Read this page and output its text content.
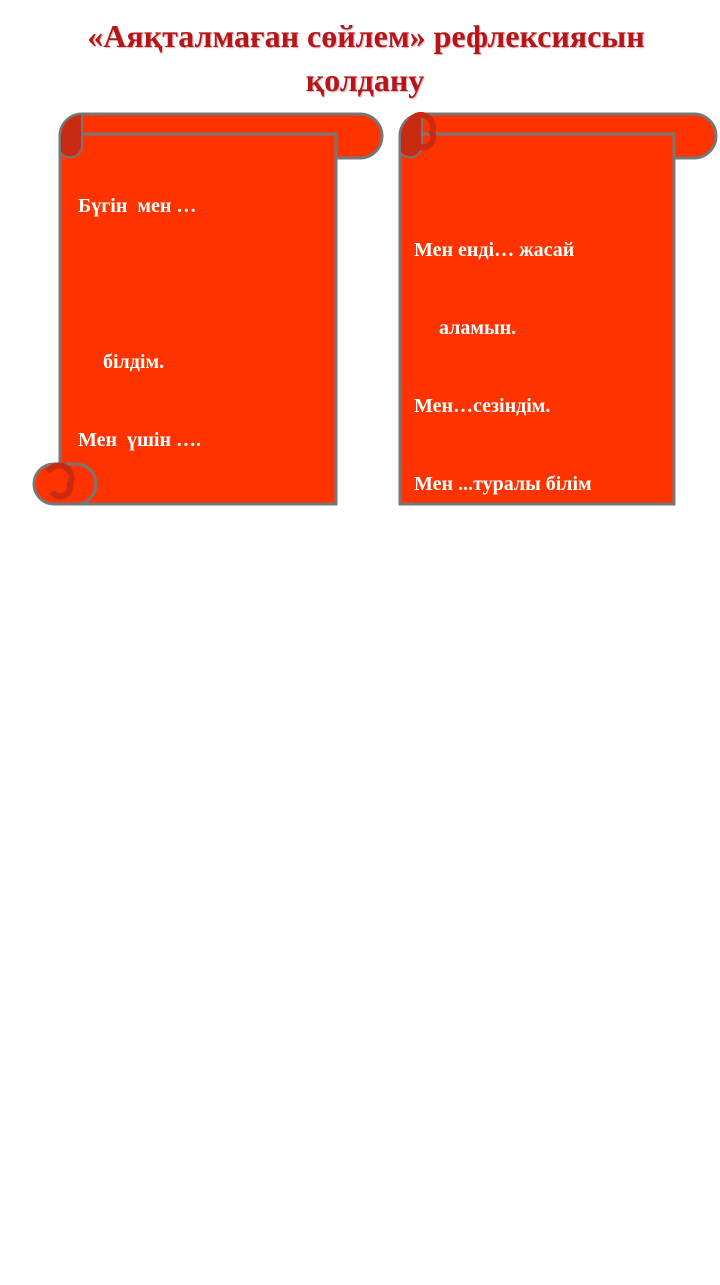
«Аяқталмаған сөйлем» рефлексиясын
қолдану

Бүгін  мен …

білдім.

Мен  үшін ….

қызық  болды.

Мен үшін …. қиын

болды.

Мен…  тапсырма

орындадым.

Мен … екенін

түсіндім.

.....менің қолымнан

келді.

Мен енді… жасай

аламын.

Мен…сезіндім.

Мен ...туралы білім

алдым.

Мен .... үйрендім.

Мені ... таң

қалдырды.

Мен....өзімді сынап

көремін.
